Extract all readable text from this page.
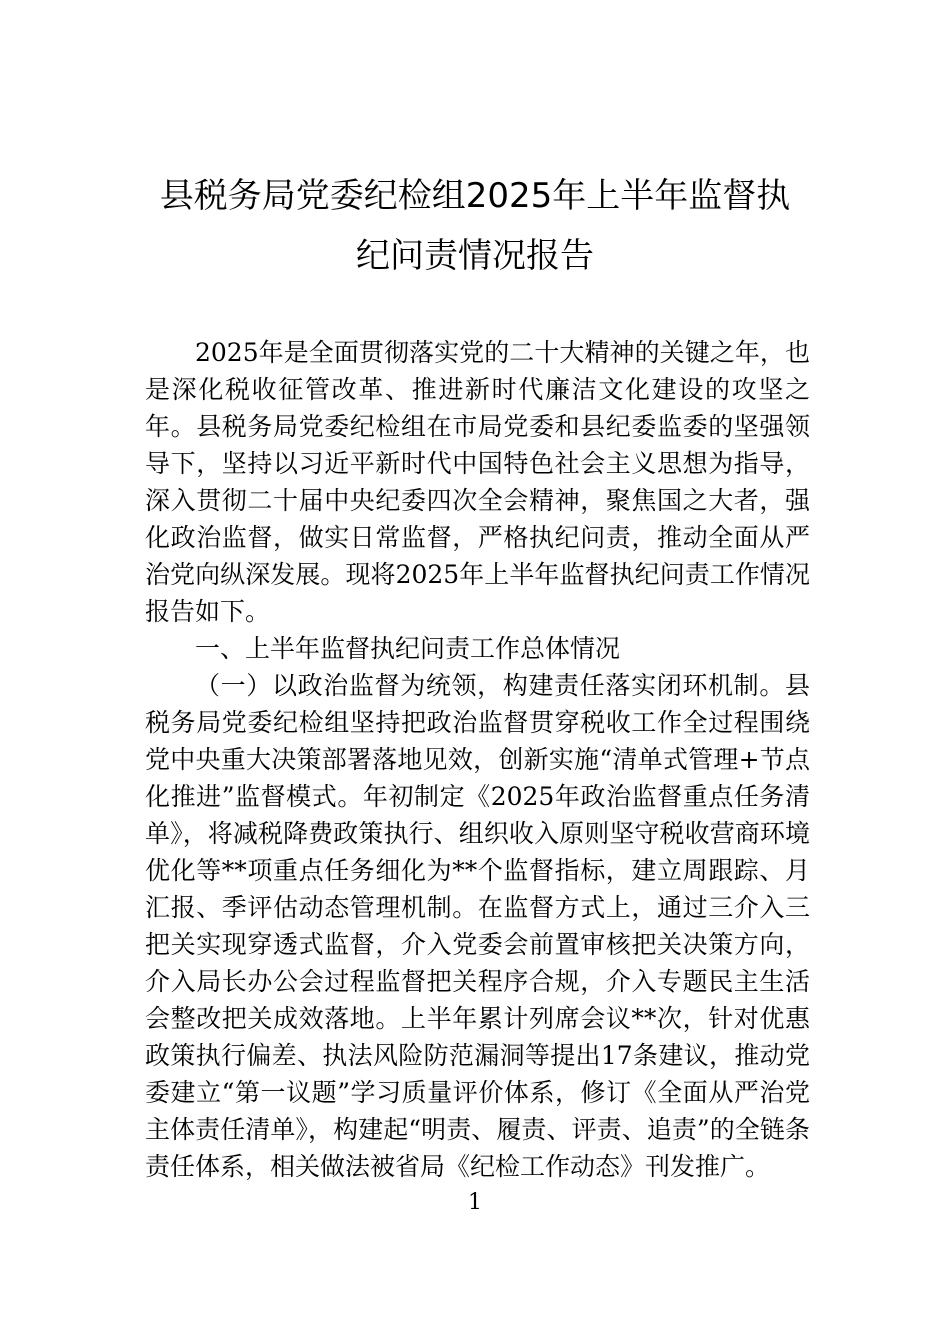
县税务局党委纪检组2025年上半年监督执
纪问责情况报告

2025年是全面贯彻落实党的二十大精神的关键之年，也是深化税收征管改革、推进新时代廉洁文化建设的攻坚之年。县税务局党委纪检组在市局党委和县纪委监委的坚强领导下，坚持以习近平新时代中国特色社会主义思想为指导，深入贯彻二十届中央纪委四次全会精神，聚焦国之大者，强化政治监督，做实日常监督，严格执纪问责，推动全面从严治党向纵深发展。现将2025年上半年监督执纪问责工作情况报告如下。

一、上半年监督执纪问责工作总体情况

（一）以政治监督为统领，构建责任落实闭环机制。县税务局党委纪检组坚持把政治监督贯穿税收工作全过程围绕党中央重大决策部署落地见效，创新实施“清单式管理+节点化推进”监督模式。年初制定《2025年政治监督重点任务清单》，将减税降费政策执行、组织收入原则坚守税收营商环境优化等**项重点任务细化为**个监督指标，建立周跟踪、月汇报、季评估动态管理机制。在监督方式上，通过三介入三把关实现穿透式监督，介入党委会前置审核把关决策方向，介入局长办公会过程监督把关程序合规，介入专题民主生活会整改把关成效落地。上半年累计列席会议**次，针对优惠政策执行偏差、执法风险防范漏洞等提出17条建议，推动党委建立“第一议题”学习质量评价体系，修订《全面从严治党主体责任清单》，构建起“明责、履责、评责、追责”的全链条责任体系，相关做法被省局《纪检工作动态》刊发推广。

1
